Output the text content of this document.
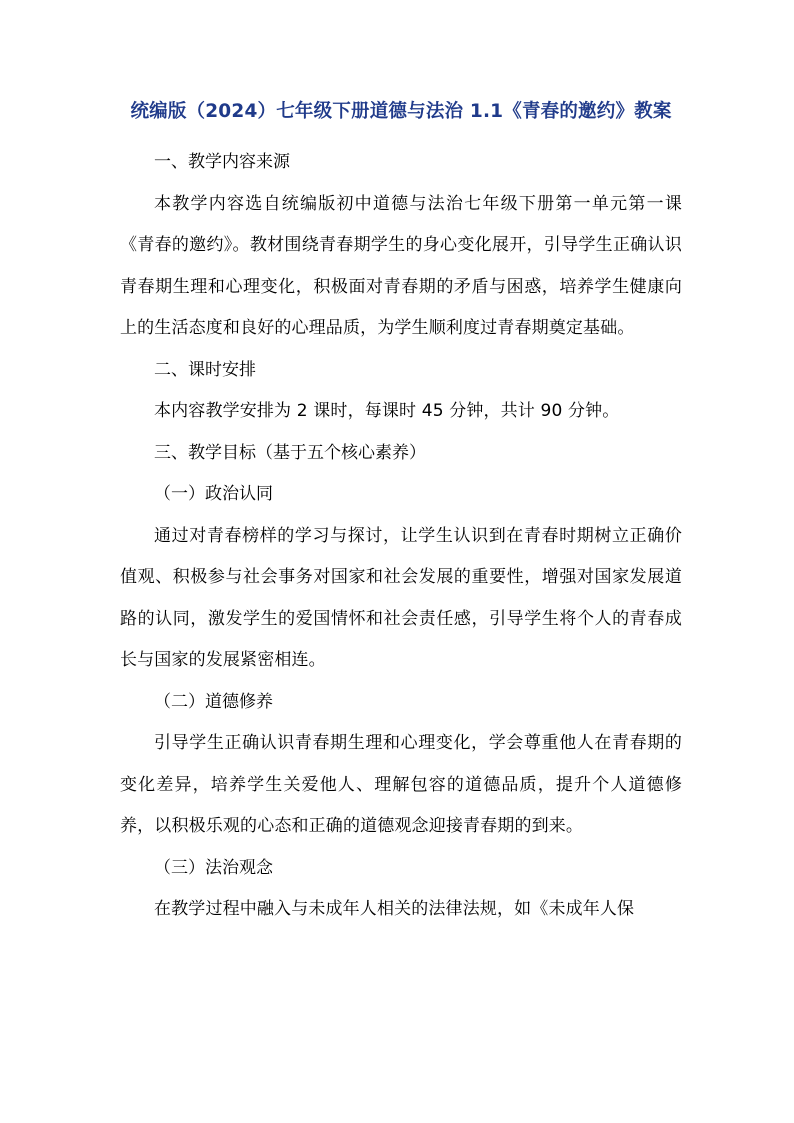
统编版（2024）七年级下册道德与法治 1.1《青春的邀约》教案

一、教学内容来源

本教学内容选自统编版初中道德与法治七年级下册第一单元第一课《青春的邀约》。教材围绕青春期学生的身心变化展开，引导学生正确认识青春期生理和心理变化，积极面对青春期的矛盾与困惑，培养学生健康向上的生活态度和良好的心理品质，为学生顺利度过青春期奠定基础。

二、课时安排

本内容教学安排为 2 课时，每课时 45 分钟，共计 90 分钟。

三、教学目标（基于五个核心素养）

（一）政治认同

通过对青春榜样的学习与探讨，让学生认识到在青春时期树立正确价值观、积极参与社会事务对国家和社会发展的重要性，增强对国家发展道路的认同，激发学生的爱国情怀和社会责任感，引导学生将个人的青春成长与国家的发展紧密相连。

（二）道德修养

引导学生正确认识青春期生理和心理变化，学会尊重他人在青春期的变化差异，培养学生关爱他人、理解包容的道德品质，提升个人道德修养，以积极乐观的心态和正确的道德观念迎接青春期的到来。

（三）法治观念

在教学过程中融入与未成年人相关的法律法规，如《未成年人保
